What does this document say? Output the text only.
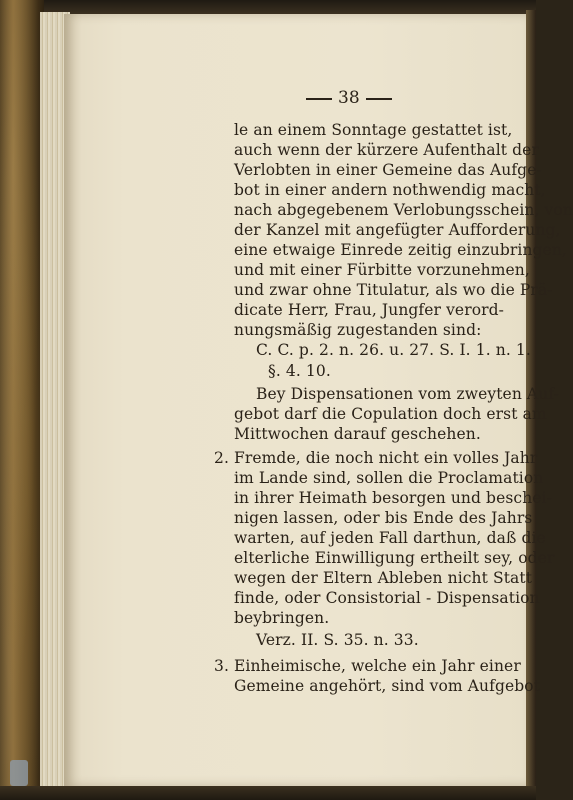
38
le an einem Sonntage gestattet ist,
auch wenn der kürzere Aufenthalt der
Verlobten in einer Gemeine das Aufge-
bot in einer andern nothwendig macht,
nach abgegebenem Verlobungsschein, von
der Kanzel mit angefügter Aufforderung,
eine etwaige Einrede zeitig einzubringen,
und mit einer Fürbitte vorzunehmen,
und zwar ohne Titulatur, als wo die Prä-
dicate Herr, Frau, Jungfer verord-
nungsmäßig zugestanden sind:
C. C. p. 2. n. 26. u. 27. S. I. 1. n. 1.
§. 4. 10.
Bey Dispensationen vom zweyten Auf-
gebot darf die Copulation doch erst am
Mittwochen darauf geschehen.
2. Fremde, die noch nicht ein volles Jahr
im Lande sind, sollen die Proclamation
in ihrer Heimath besorgen und beschei-
nigen lassen, oder bis Ende des Jahrs
warten, auf jeden Fall darthun, daß die
elterliche Einwilligung ertheilt sey, oder
wegen der Eltern Ableben nicht Statt
finde, oder Consistorial - Dispensation
beybringen.
Verz. II. S. 35. n. 33.
3. Einheimische, welche ein Jahr einer
Gemeine angehört, sind vom Aufgebot
